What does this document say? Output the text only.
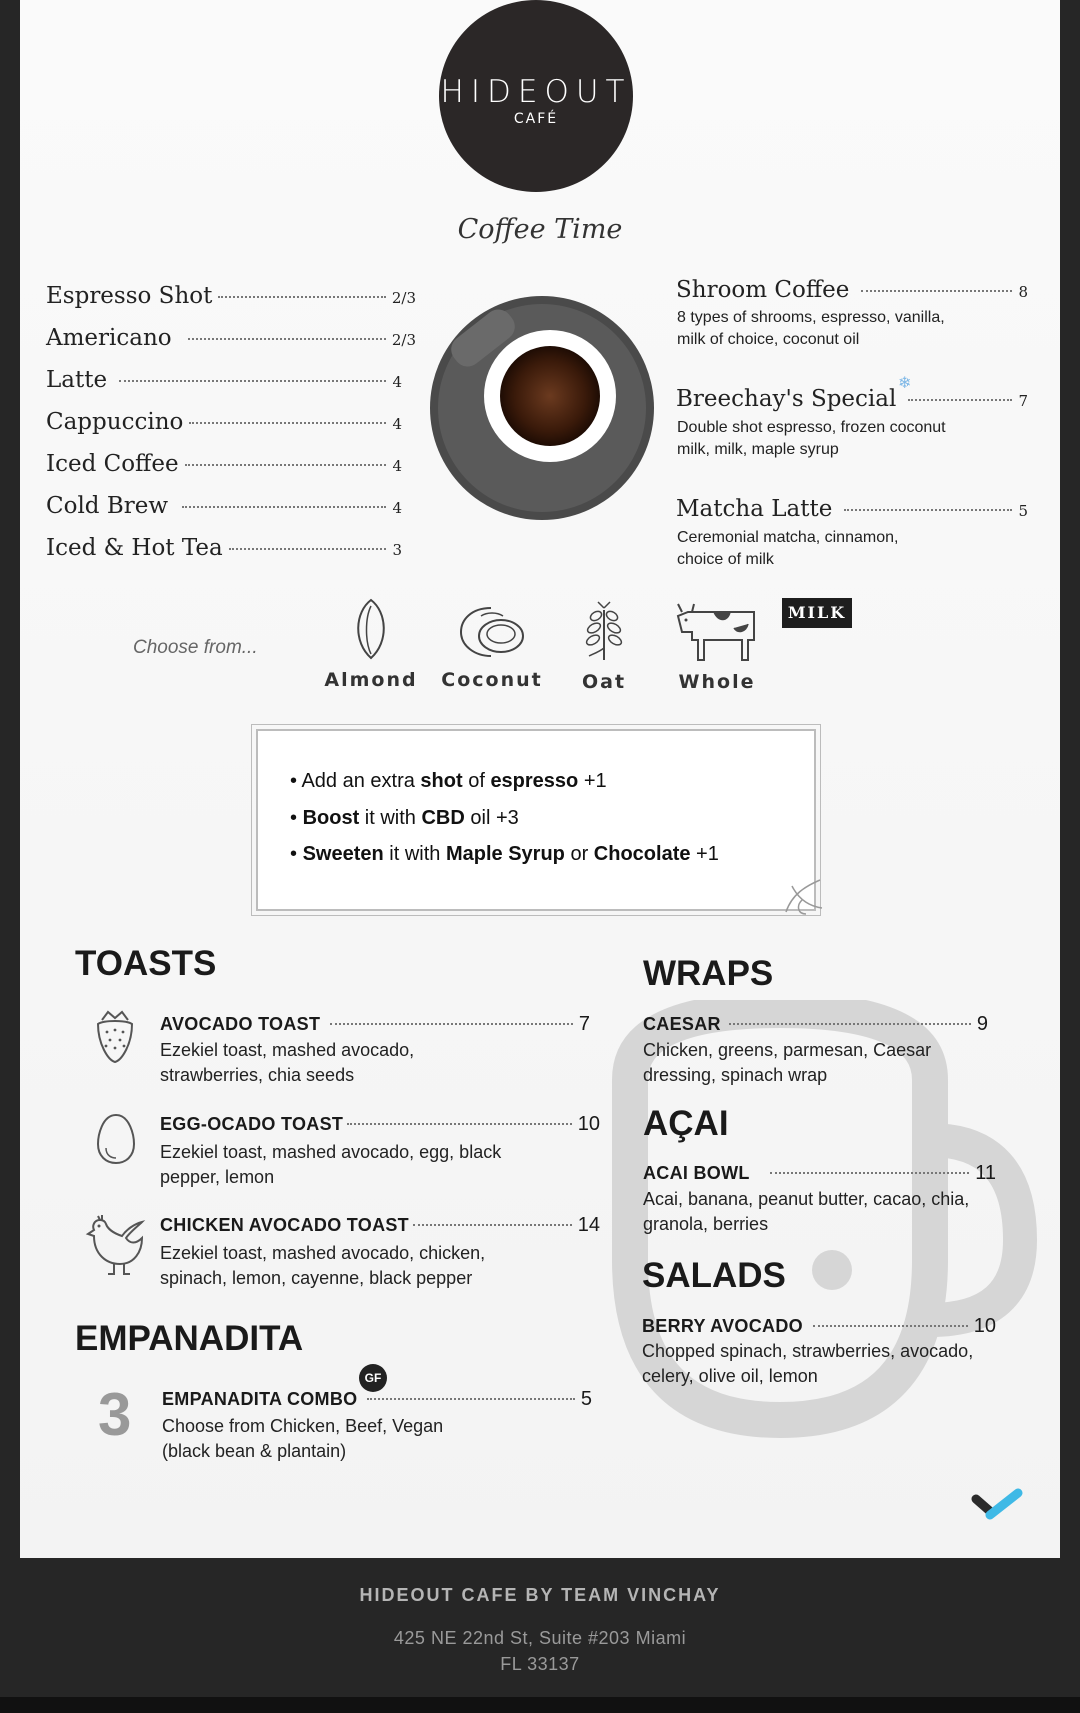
HIDEOUT
CAFÉ
Coffee Time
Espresso Shot	2/3
Americano	2/3
Latte	4
Cappuccino	4
Iced Coffee	4
Cold Brew	4
Iced & Hot Tea	3
Shroom Coffee	8
8 types of shrooms, espresso, vanilla,
milk of choice, coconut oil
Breechay's Special	7
❄
Double shot espresso, frozen coconut
milk, milk, maple syrup
Matcha Latte	5
Ceremonial matcha, cinnamon,
choice of milk
Choose from...
Almond	Coconut	Oat	Whole
MILK
• Add an extra shot of espresso +1
• Boost it with CBD oil +3
• Sweeten it with Maple Syrup or Chocolate +1
TOASTS
AVOCADO TOAST	7
Ezekiel toast, mashed avocado,
strawberries, chia seeds
EGG-OCADO TOAST	10
Ezekiel toast, mashed avocado, egg, black
pepper, lemon
CHICKEN AVOCADO TOAST	14
Ezekiel toast, mashed avocado, chicken,
spinach, lemon, cayenne, black pepper
EMPANADITA
3
GF
EMPANADITA COMBO	5
Choose from Chicken, Beef, Vegan
(black bean & plantain)
WRAPS
CAESAR	9
Chicken, greens, parmesan, Caesar
dressing, spinach wrap
AÇAI
ACAI BOWL	11
Acai, banana, peanut butter, cacao, chia,
granola, berries
SALADS
BERRY AVOCADO	10
Chopped spinach, strawberries, avocado,
celery, olive oil, lemon
HIDEOUT CAFE BY TEAM VINCHAY
425 NE 22nd St, Suite #203 Miami
FL 33137
